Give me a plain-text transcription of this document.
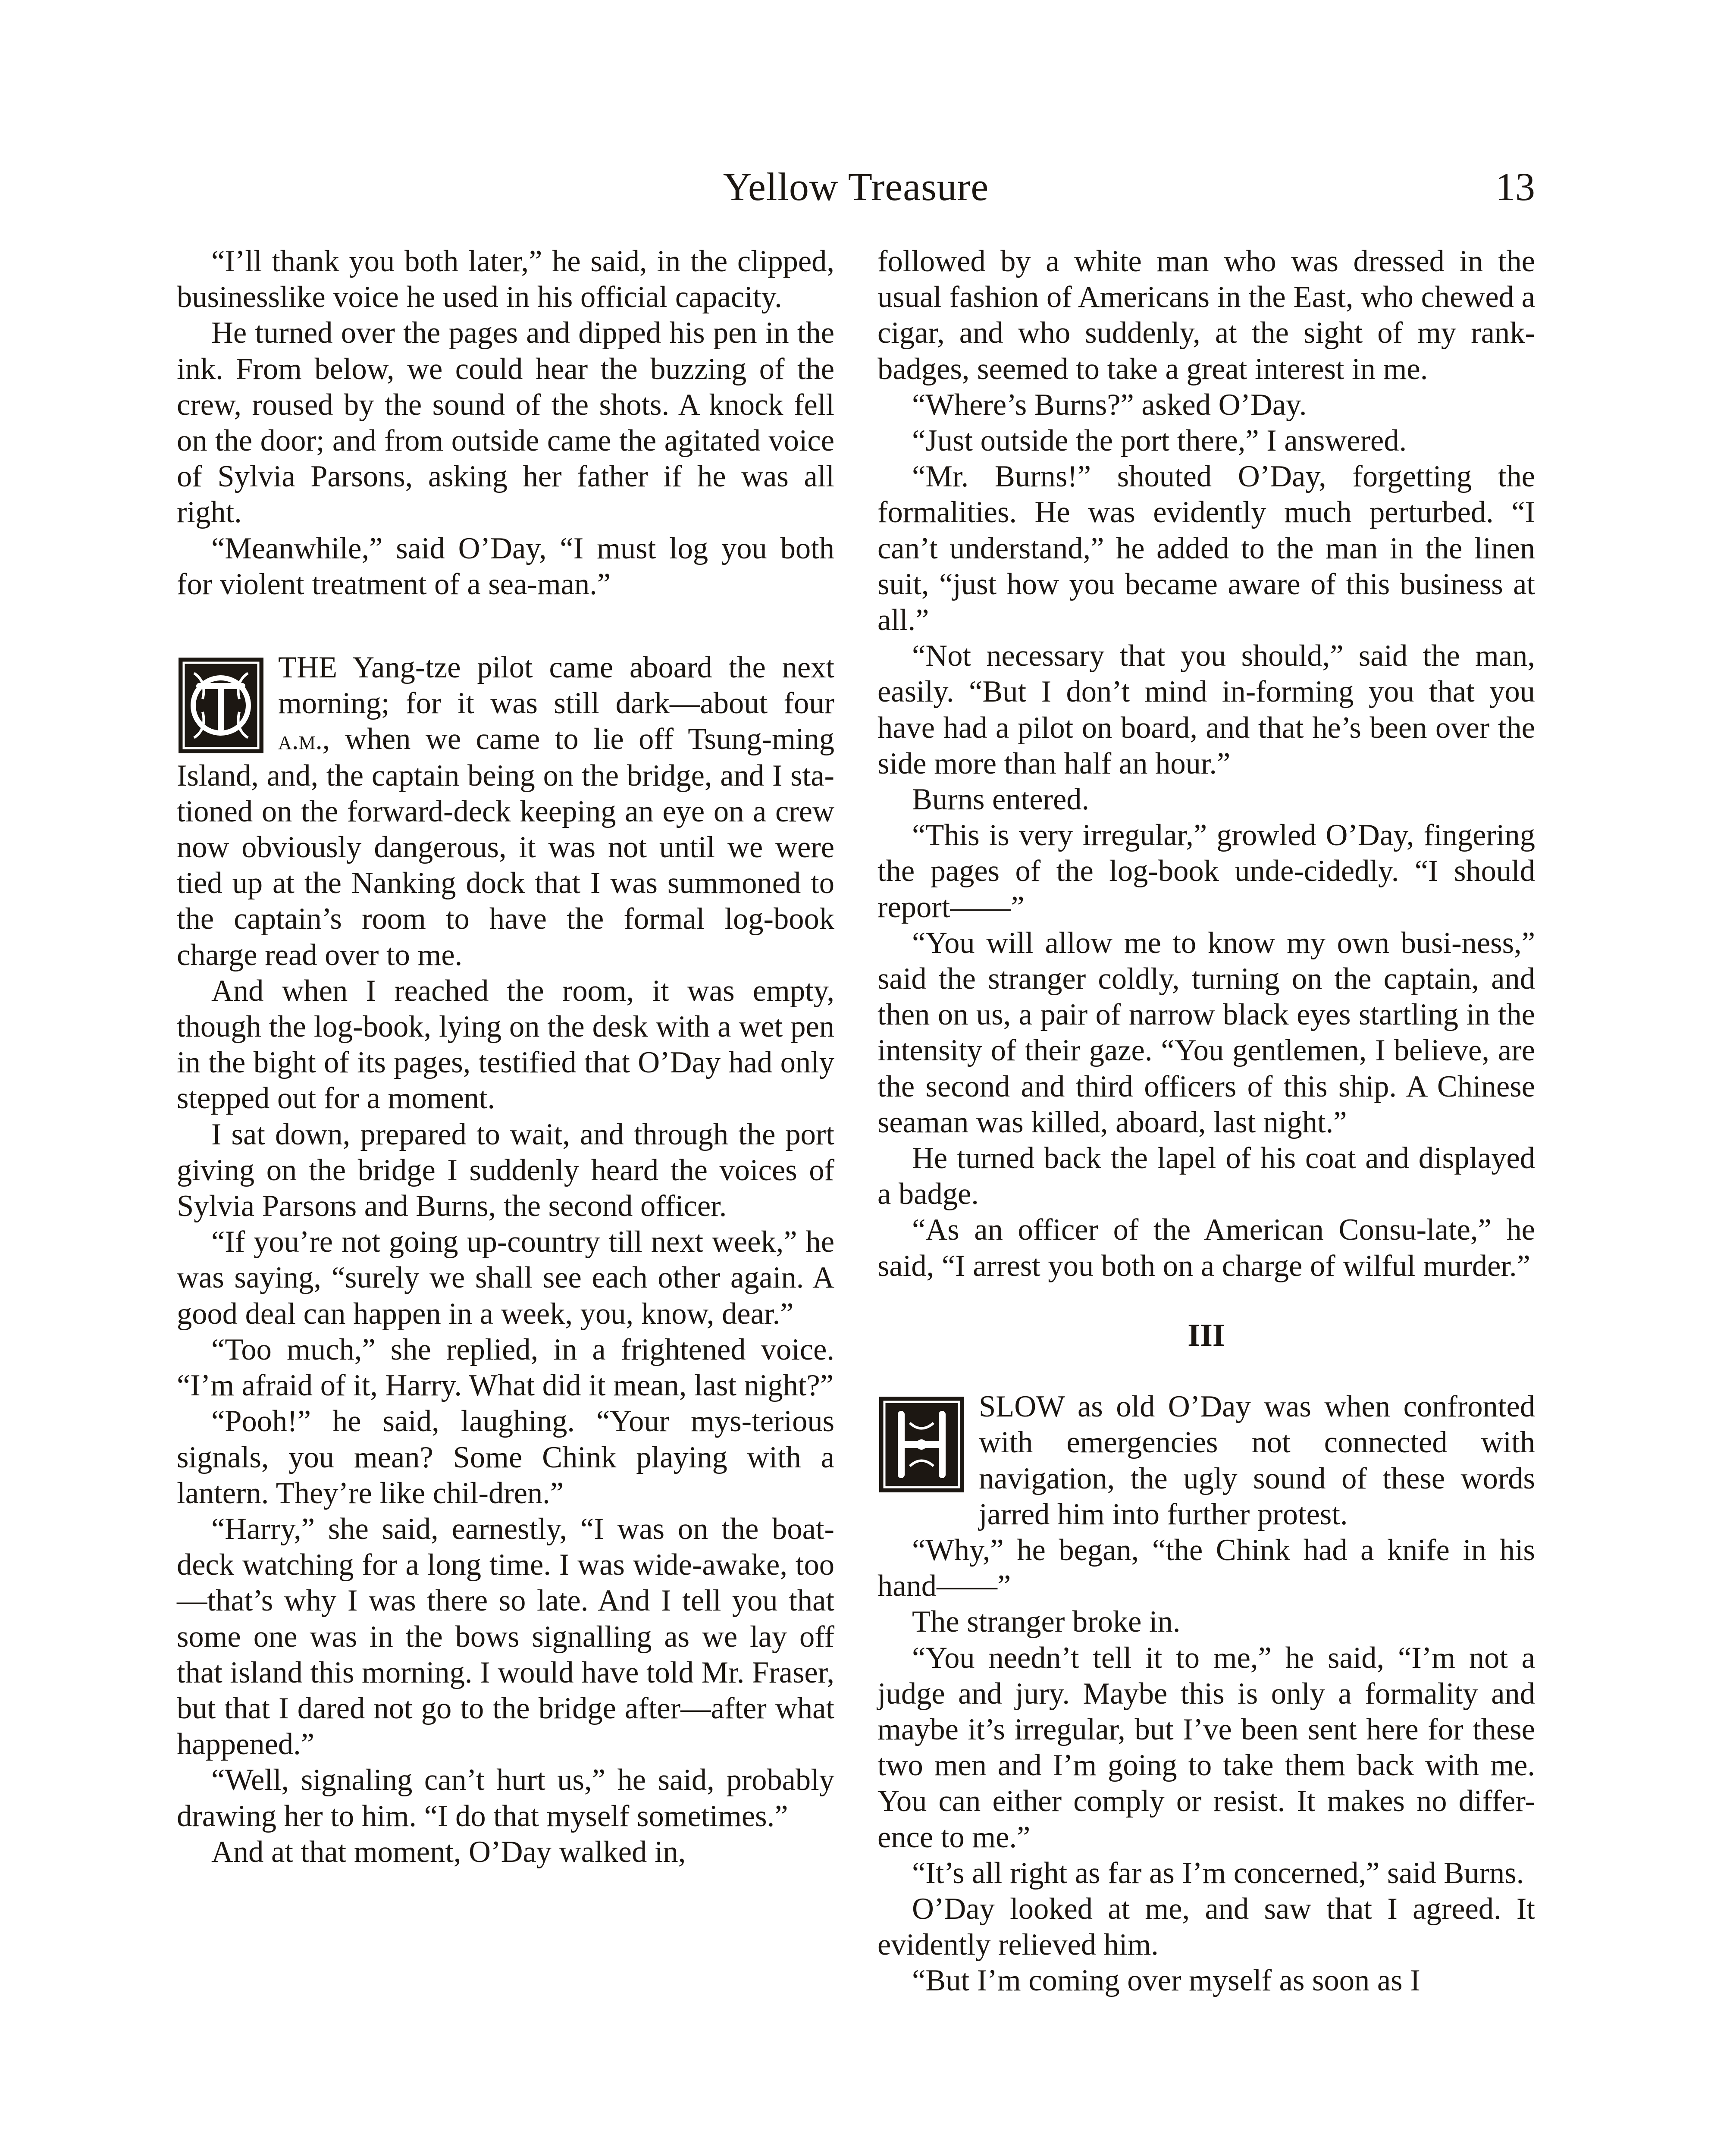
Yellow Treasure	13

“I’ll thank you both later,” he said, in the clipped, businesslike voice he used in his official capacity.

He turned over the pages and dipped his pen in the ink. From below, we could hear the buzzing of the crew, roused by the sound of the shots. A knock fell on the door; and from outside came the agitated voice of Sylvia Parsons, asking her father if he was all right.

“Meanwhile,” said O’Day, “I must log you both for violent treatment of a sea-man.”

THE Yang-tze pilot came aboard the next morning; for it was still dark—about four a.m., when we came to lie off Tsung-ming Island, and, the captain being on the bridge, and I sta-tioned on the forward-deck keeping an eye on a crew now obviously dangerous, it was not until we were tied up at the Nanking dock that I was summoned to the captain’s room to have the formal log-book charge read over to me.

And when I reached the room, it was empty, though the log-book, lying on the desk with a wet pen in the bight of its pages, testified that O’Day had only stepped out for a moment.

I sat down, prepared to wait, and through the port giving on the bridge I suddenly heard the voices of Sylvia Parsons and Burns, the second officer.

“If you’re not going up-country till next week,” he was saying, “surely we shall see each other again. A good deal can happen in a week, you, know, dear.”

“Too much,” she replied, in a frightened voice. “I’m afraid of it, Harry. What did it mean, last night?”

“Pooh!” he said, laughing. “Your mys-terious signals, you mean? Some Chink playing with a lantern. They’re like chil-dren.”

“Harry,” she said, earnestly, “I was on the boat-deck watching for a long time. I was wide-awake, too—that’s why I was there so late. And I tell you that some one was in the bows signalling as we lay off that island this morning. I would have told Mr. Fraser, but that I dared not go to the bridge after—after what happened.”

“Well, signaling can’t hurt us,” he said, probably drawing her to him. “I do that myself sometimes.”

And at that moment, O’Day walked in,

followed by a white man who was dressed in the usual fashion of Americans in the East, who chewed a cigar, and who suddenly, at the sight of my rank-badges, seemed to take a great interest in me.

“Where’s Burns?” asked O’Day.

“Just outside the port there,” I answered.

“Mr. Burns!” shouted O’Day, forgetting the formalities. He was evidently much perturbed. “I can’t understand,” he added to the man in the linen suit, “just how you became aware of this business at all.”

“Not necessary that you should,” said the man, easily. “But I don’t mind in-forming you that you have had a pilot on board, and that he’s been over the side more than half an hour.”

Burns entered.

“This is very irregular,” growled O’Day, fingering the pages of the log-book unde-cidedly. “I should report——”

“You will allow me to know my own busi-ness,” said the stranger coldly, turning on the captain, and then on us, a pair of narrow black eyes startling in the intensity of their gaze. “You gentlemen, I believe, are the second and third officers of this ship. A Chinese seaman was killed, aboard, last night.”

He turned back the lapel of his coat and displayed a badge.

“As an officer of the American Consu-late,” he said, “I arrest you both on a charge of wilful murder.”

III

SLOW as old O’Day was when confronted with emergencies not connected with navigation, the ugly sound of these words jarred him into further protest.

“Why,” he began, “the Chink had a knife in his hand——”

The stranger broke in.

“You needn’t tell it to me,” he said, “I’m not a judge and jury. Maybe this is only a formality and maybe it’s irregular, but I’ve been sent here for these two men and I’m going to take them back with me. You can either comply or resist. It makes no differ-ence to me.”

“It’s all right as far as I’m concerned,” said Burns.

O’Day looked at me, and saw that I agreed. It evidently relieved him.

“But I’m coming over myself as soon as I
